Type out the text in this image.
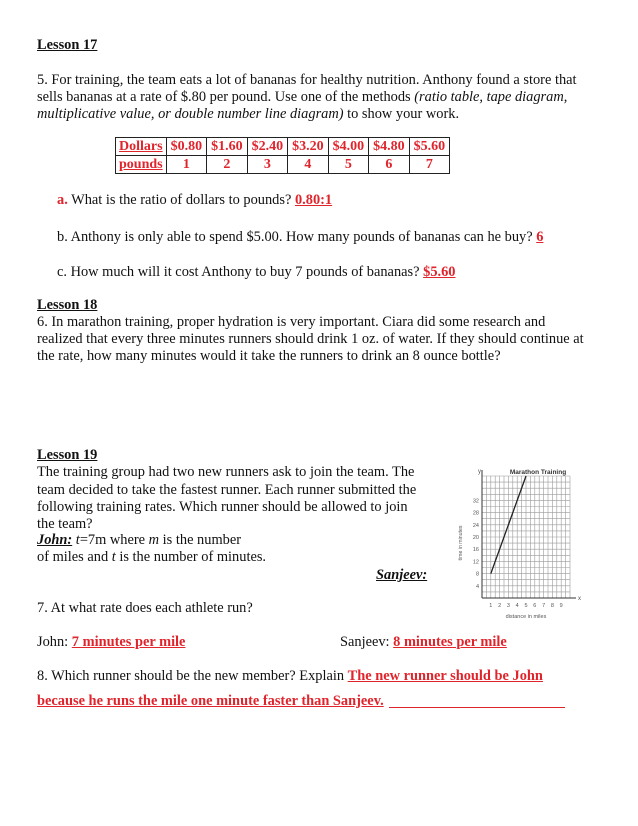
Lesson 17
5. For training, the team eats a lot of bananas for healthy nutrition. Anthony found a store that
sells bananas at a rate of $.80 per pound. Use one of the methods (ratio table, tape diagram,
multiplicative value, or double number line diagram) to show your work.
Dollars	$0.80	$1.60	$2.40	$3.20	$4.00	$4.80	$5.60
pounds	1	2	3	4	5	6	7
a. What is the ratio of dollars to pounds? 0.80:1
b. Anthony is only able to spend $5.00. How many pounds of bananas can he buy? 6
c. How much will it cost Anthony to buy 7 pounds of bananas? $5.60
Lesson 18
6. In marathon training, proper hydration is very important. Ciara did some research and
realized that every three minutes runners should drink 1 oz. of water. If they should continue at
the rate, how many minutes would it take the runners to drink an 8 ounce bottle?
Lesson 19
The training group had two new runners ask to join the team. The
team decided to take the fastest runner. Each runner submitted the
following training rates. Which runner should be allowed to join
the team?
John: t=7m where m is the number
of miles and t is the number of minutes.
Sanjeev:
7. At what rate does each athlete run?
John: 7 minutes per mile	Sanjeev: 8 minutes per mile
8. Which runner should be the new member? Explain The new runner should be John
because he runs the mile one minute faster than Sanjeev.
Marathon Training
y
x
distance in miles
time in minutes
1 2 3 4 5 6 7 8 9
4
8
12
16
20
24
28
32
